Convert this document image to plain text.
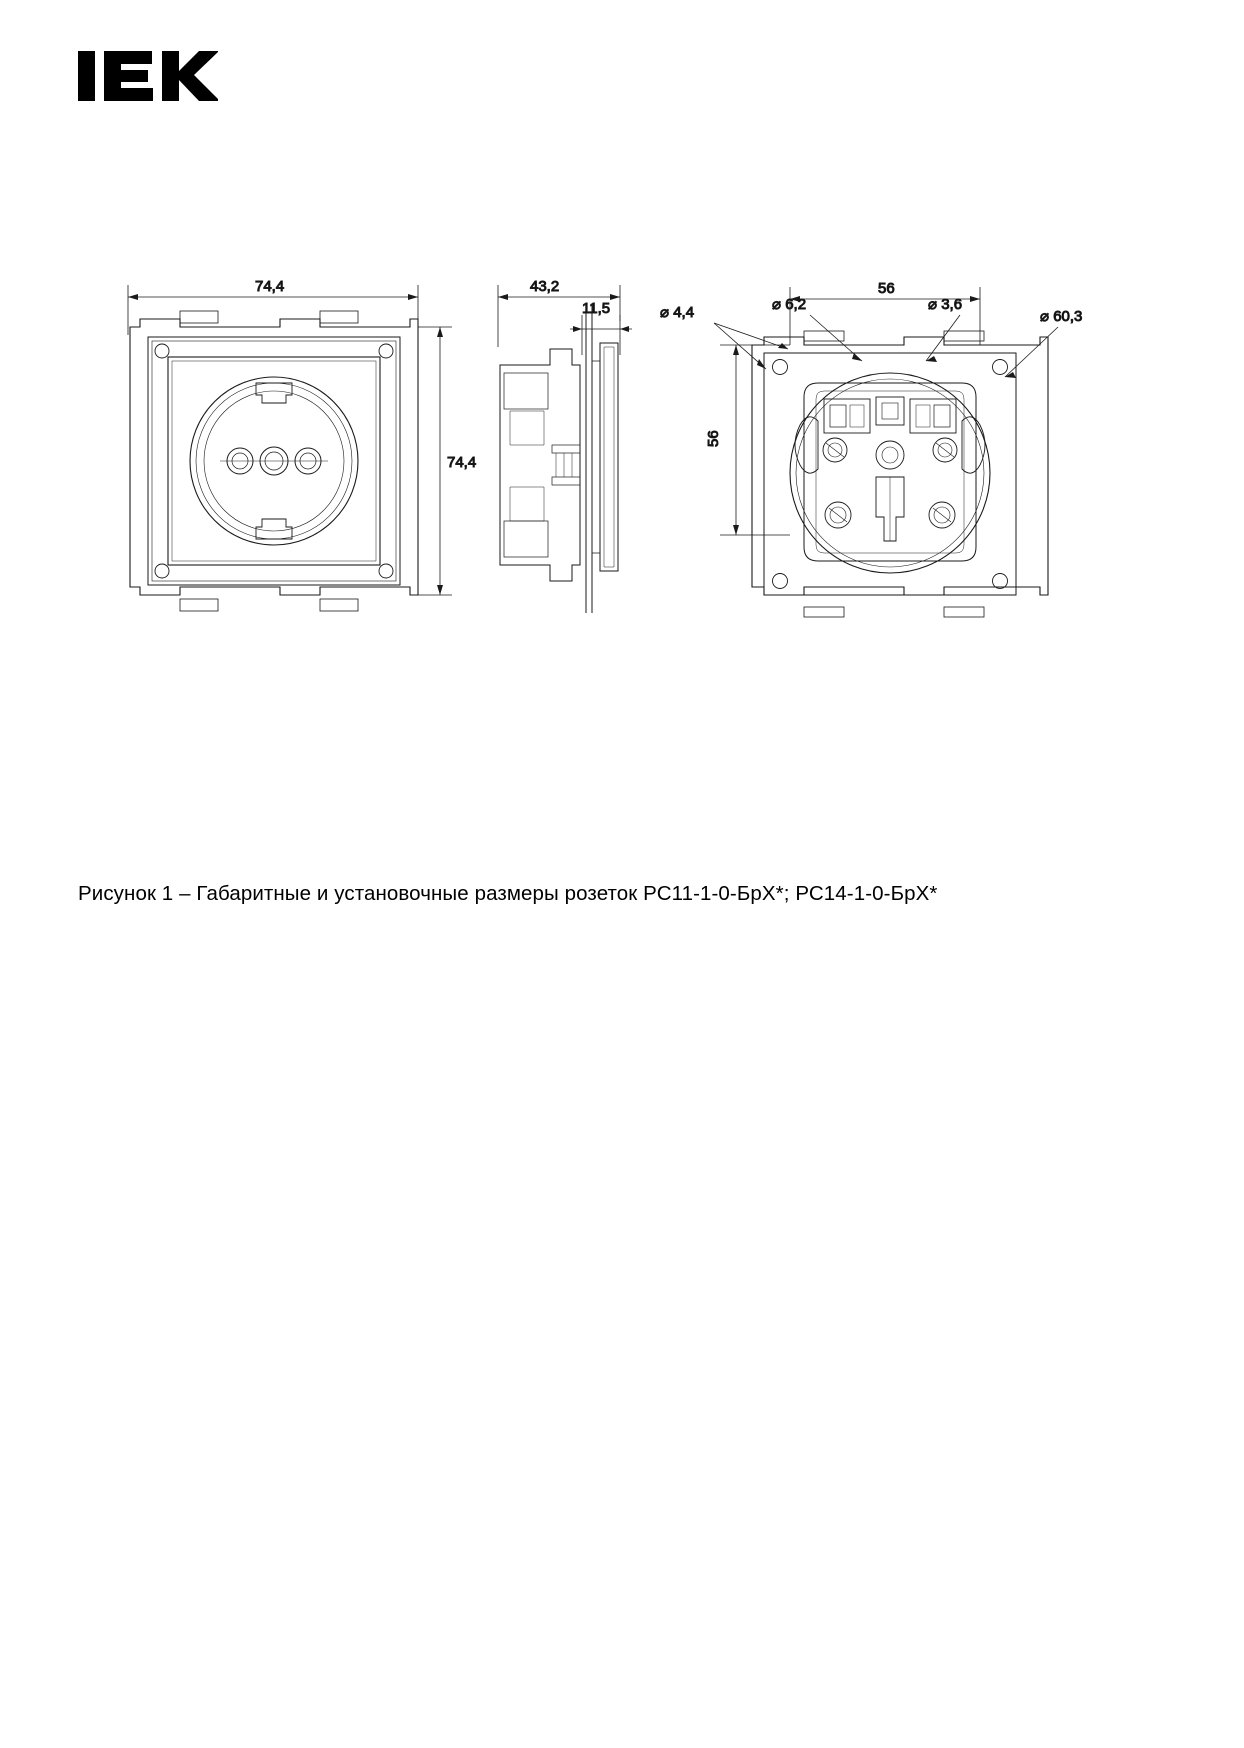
74,4
74,4
43,2
11,5
56
56
⌀ 4,4	⌀ 6,2	⌀ 3,6
⌀ 60,3
Рисунок 1 – Габаритные и установочные размеры розеток РС11-1-0-БрХ*; РС14-1-0-БрХ*
